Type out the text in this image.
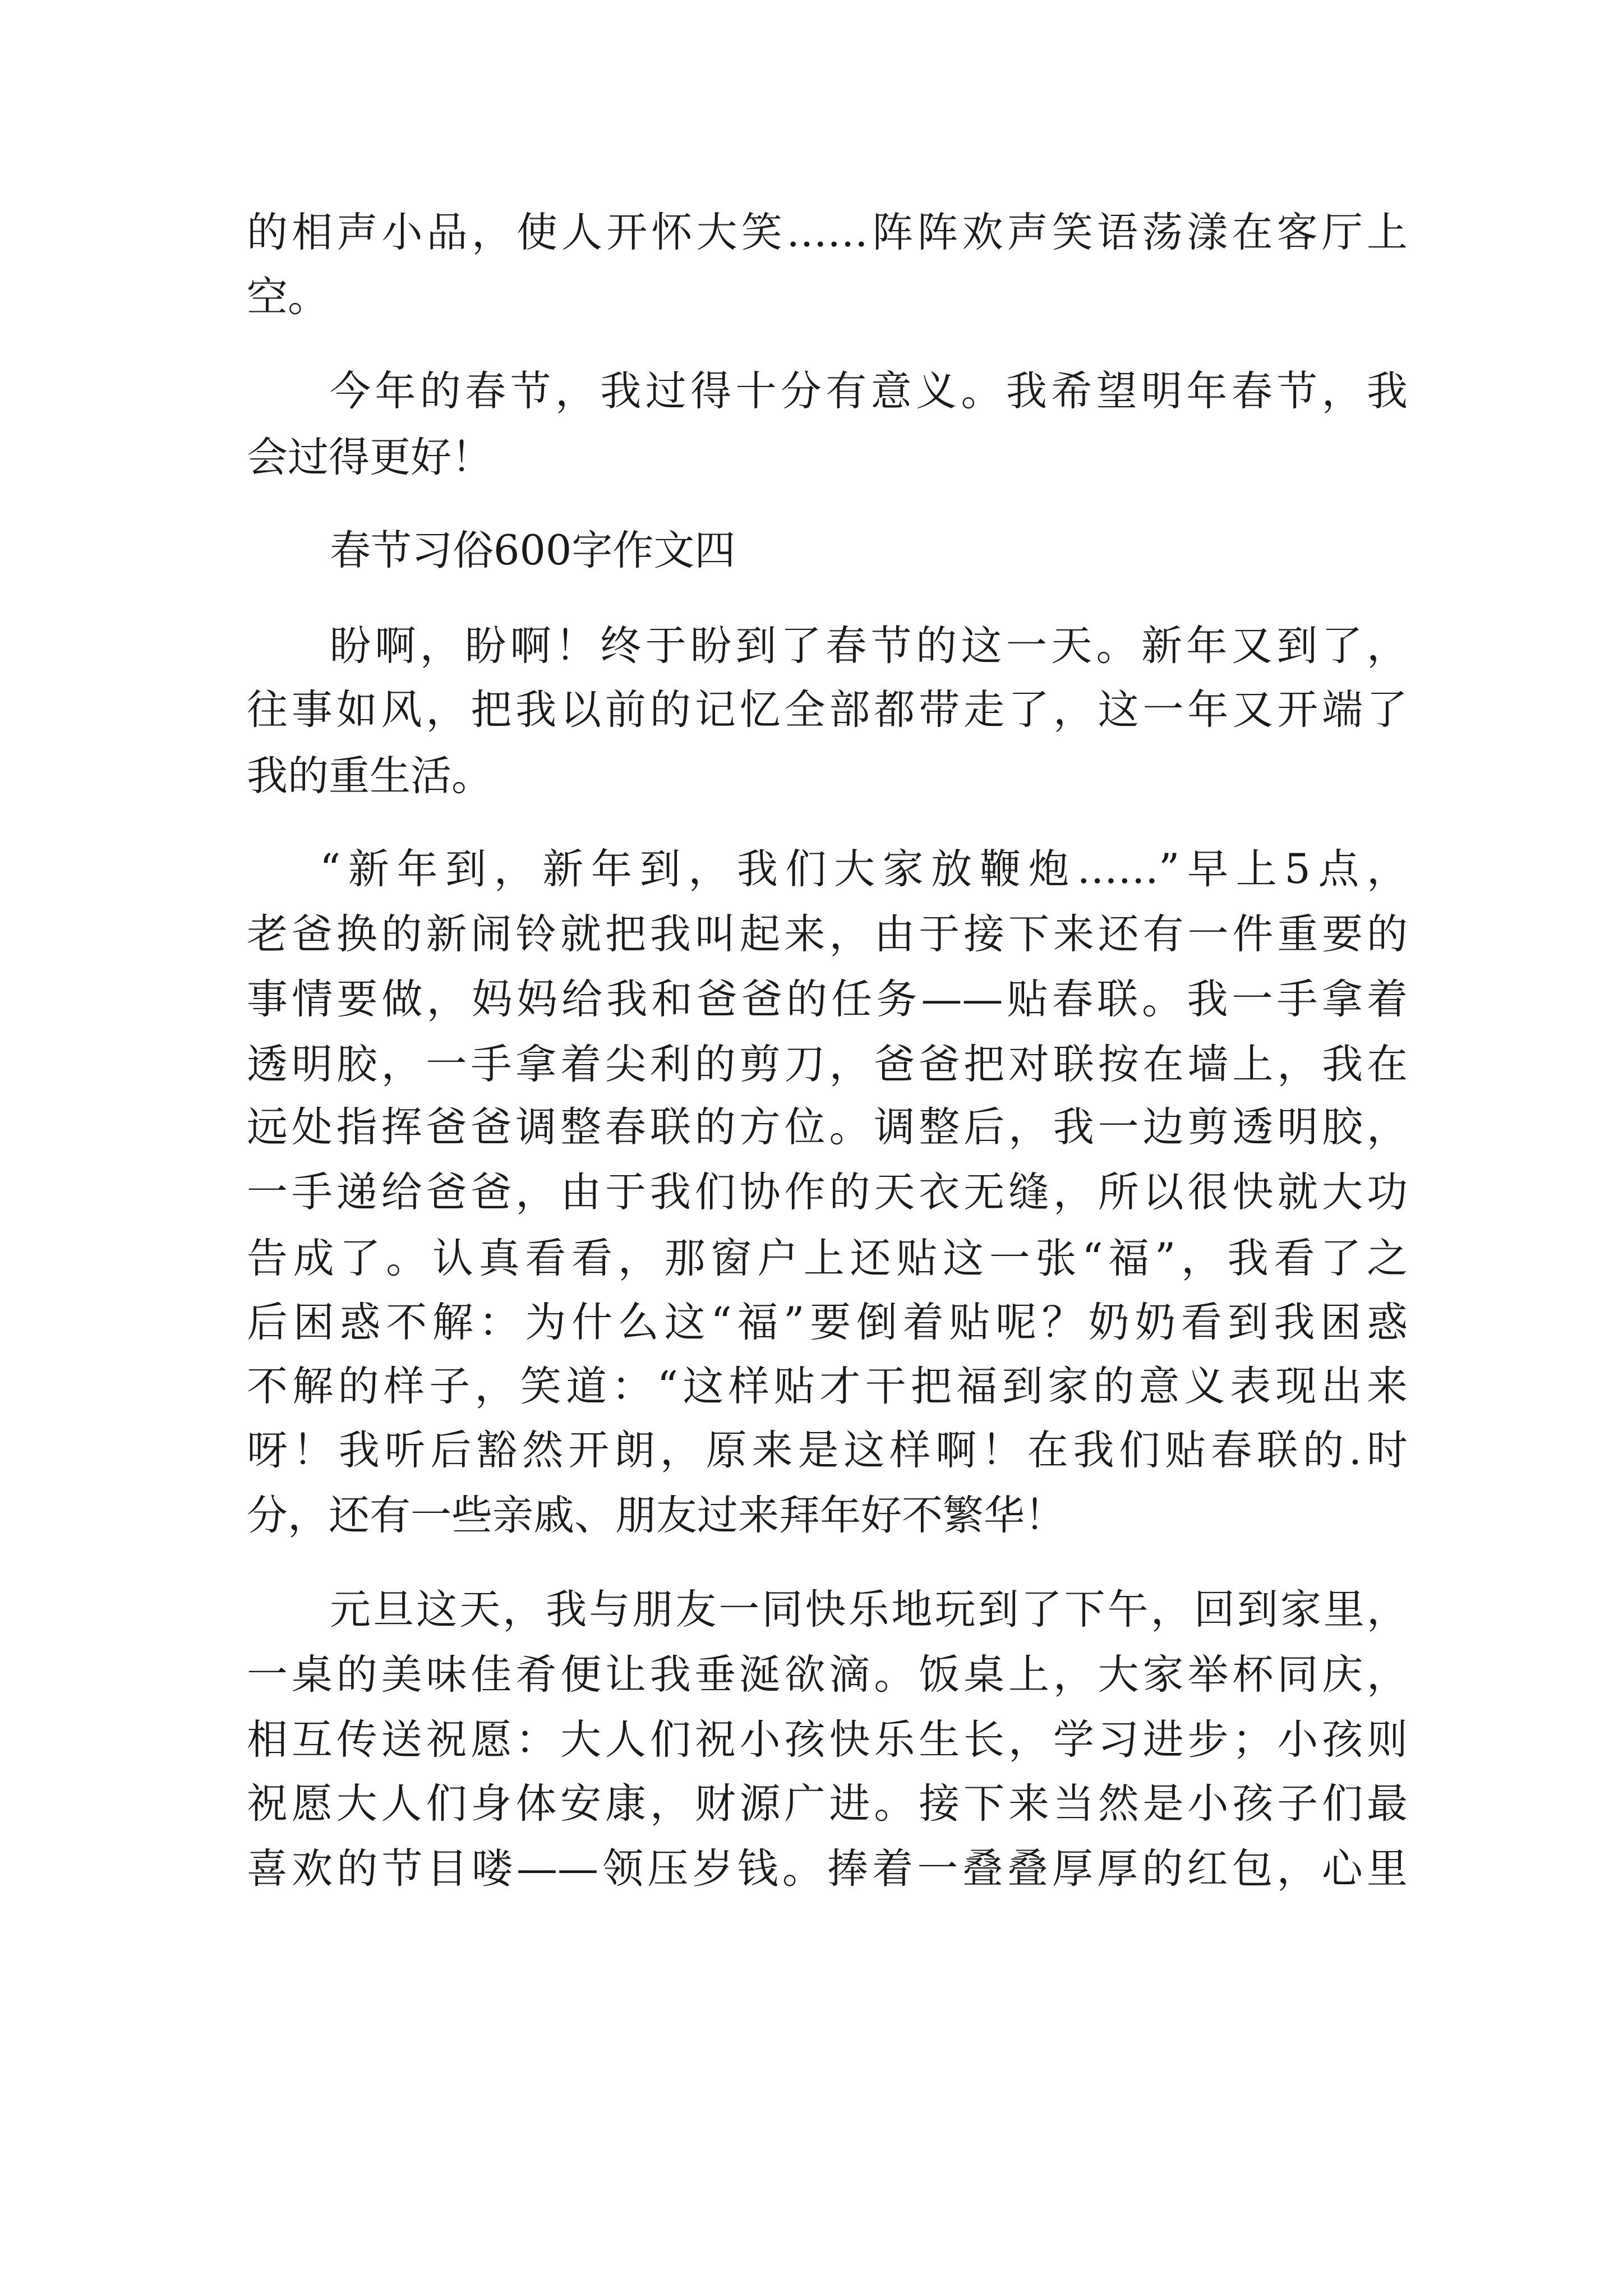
的相声小品，使人开怀大笑……阵阵欢声笑语荡漾在客厅上
空。
今年的春节，我过得十分有意义。我希望明年春节，我
会过得更好！
春节习俗600字作文四
盼啊，盼啊！终于盼到了春节的这一天。新年又到了，
往事如风，把我以前的记忆全部都带走了，这一年又开端了
我的重生活。
“新年到，新年到，我们大家放鞭炮……”早上5点，
老爸换的新闹铃就把我叫起来，由于接下来还有一件重要的
事情要做，妈妈给我和爸爸的任务——贴春联。我一手拿着
透明胶，一手拿着尖利的剪刀，爸爸把对联按在墙上，我在
远处指挥爸爸调整春联的方位。调整后，我一边剪透明胶，
一手递给爸爸，由于我们协作的天衣无缝，所以很快就大功
告成了。认真看看，那窗户上还贴这一张“福”，我看了之
后困惑不解：为什么这“福”要倒着贴呢？奶奶看到我困惑
不解的样子，笑道：“这样贴才干把福到家的意义表现出来
呀！我听后豁然开朗，原来是这样啊！在我们贴春联的.时
分，还有一些亲戚、朋友过来拜年好不繁华！
元旦这天，我与朋友一同快乐地玩到了下午，回到家里，
一桌的美味佳肴便让我垂涎欲滴。饭桌上，大家举杯同庆，
相互传送祝愿：大人们祝小孩快乐生长，学习进步；小孩则
祝愿大人们身体安康，财源广进。接下来当然是小孩子们最
喜欢的节目喽——领压岁钱。捧着一叠叠厚厚的红包，心里
